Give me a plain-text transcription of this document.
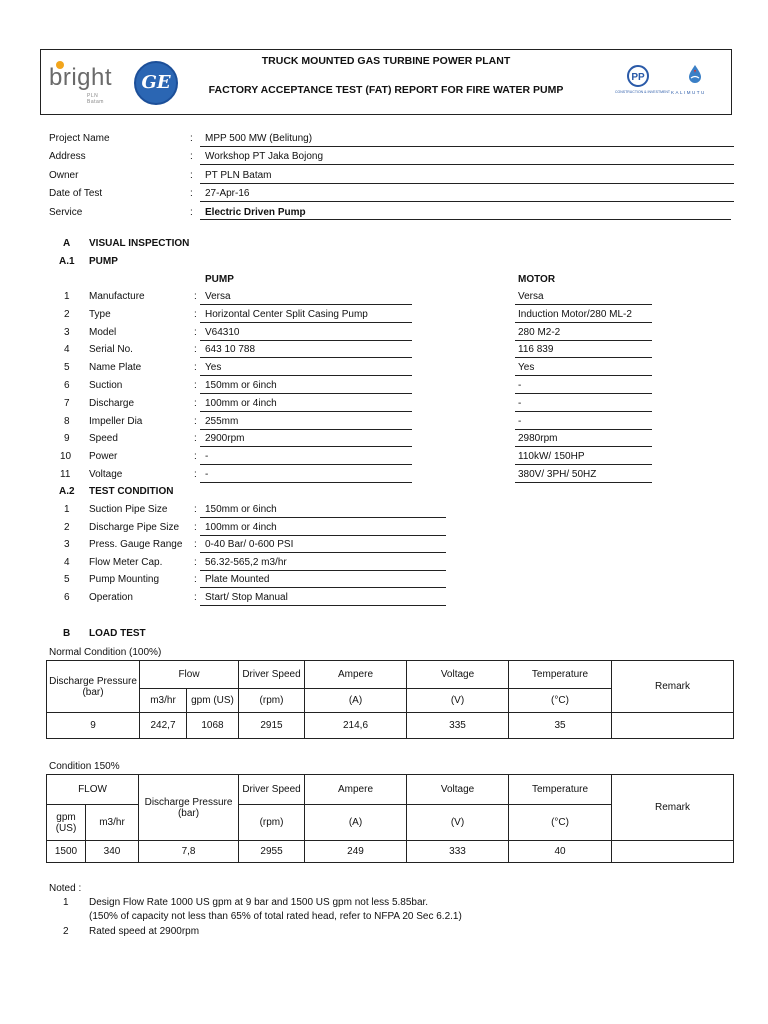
bright
PLN Batam
GE
TRUCK MOUNTED GAS TURBINE POWER PLANT
FACTORY ACCEPTANCE TEST (FAT) REPORT FOR FIRE WATER PUMP
PP
CONSTRUCTION & INVESTMENT KALIMUTU
Project Name	: MPP 500 MW (Belitung)
Address	: Workshop PT Jaka Bojong
Owner	: PT PLN Batam
Date of Test	: 27-Apr-16
Service	: Electric Driven Pump
A VISUAL INSPECTION
A.1 PUMP
PUMP	MOTOR
1 Manufacture	: Versa	Versa
2 Type	: Horizontal Center Split Casing Pump	Induction Motor/280 ML-2
3 Model	: V64310	280 M2-2
4 Serial No.	: 643 10 788	116 839
5 Name Plate	: Yes	Yes
6 Suction	: 150mm or 6inch	-
7 Discharge	: 100mm or 4inch	-
8 Impeller Dia	: 255mm	-
9 Speed	: 2900rpm	2980rpm
10 Power	: -	110kW/ 150HP
11 Voltage	: -	380V/ 3PH/ 50HZ
A.2 TEST CONDITION
1 Suction Pipe Size	: 150mm or 6inch
2 Discharge Pipe Size : 100mm or 4inch
3 Press. Gauge Range : 0-40 Bar/ 0-600 PSI
4 Flow Meter Cap.	: 56.32-565,2 m3/hr
5 Pump Mounting	: Plate Mounted
6 Operation	: Start/ Stop Manual
B LOAD TEST
Normal Condition (100%)
Discharge Pressure (bar)	Flow		Driver Speed	Ampere	Voltage	Temperature	Remark
	m3/hr	gpm (US)	(rpm)	(A)	(V)	(°C)	
9	242,7	1068	2915	214,6	335	35	
Condition 150%
FLOW		Discharge Pressure (bar)	Driver Speed	Ampere	Voltage	Temperature	Remark
gpm (US)	m3/hr		(rpm)	(A)	(V)	(°C)	
1500	340	7,8	2955	249	333	40	
Noted :
1 Design Flow Rate 1000 US gpm at 9 bar and 1500 US gpm not less 5.85bar.
(150% of capacity not less than 65% of total rated head, refer to NFPA 20 Sec 6.2.1)
2 Rated speed at 2900rpm
